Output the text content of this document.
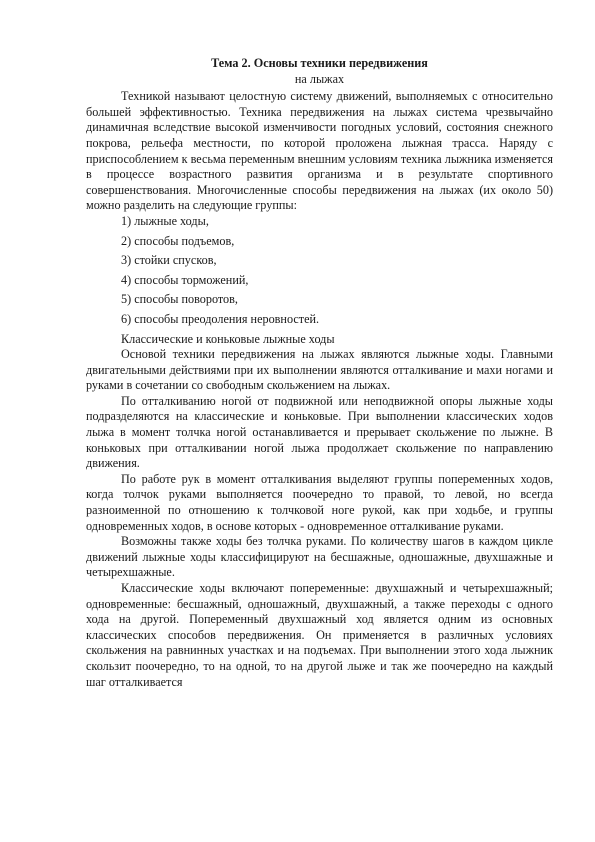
Тема 2. Основы техники передвижения

на лыжах

Техникой называют целостную систему движений, выполняемых с относительно большей эффективностью. Техника передвижения на лыжах система чрезвычайно динамичная вследствие высокой изменчивости погодных условий, состояния снежного покрова, рельефа местности, по которой проложена лыжная трасса. Наряду с приспособлением к весьма переменным внешним условиям техника лыжника изменяется в процессе возрастного развития организма и в результате спортивного совершенствования. Многочисленные способы передвижения на лыжах (их около 50) можно разделить на следующие группы:

1) лыжные ходы,
2) способы подъемов,
3) стойки спусков,
4) способы торможений,
5) способы поворотов,
6) способы преодоления неровностей.

Классические и коньковые лыжные ходы

Основой техники передвижения на лыжах являются лыжные ходы. Главными двигательными действиями при их выполнении являются отталкивание и махи ногами и руками в сочетании со свободным скольжением на лыжах.

По отталкиванию ногой от подвижной или неподвижной опоры лыжные ходы подразделяются на классические и коньковые. При выполнении классических ходов лыжа в момент толчка ногой останавливается и прерывает скольжение по лыжне. В коньковых при отталкивании ногой лыжа продолжает скольжение по направлению движения.

По работе рук в момент отталкивания выделяют группы попеременных ходов, когда толчок руками выполняется поочередно то правой, то левой, но всегда разноименной по отношению к толчковой ноге рукой, как при ходьбе, и группы одновременных ходов, в основе которых - одновременное отталкивание руками.

Возможны также ходы без толчка руками. По количеству шагов в каждом цикле движений лыжные ходы классифицируют на бесшажные, одношажные, двухшажные и четырехшажные.

Классические ходы включают попеременные: двухшажный и четырехшажный; одновременные: бесшажный, одношажный, двухшажный, а также переходы с одного хода на другой. Попеременный двухшажный ход является одним из основных классических способов передвижения. Он применяется в различных условиях скольжения на равнинных участках и на подъемах. При выполнении этого хода лыжник скользит поочередно, то на одной, то на другой лыже и так же поочередно на каждый шаг отталкивается
